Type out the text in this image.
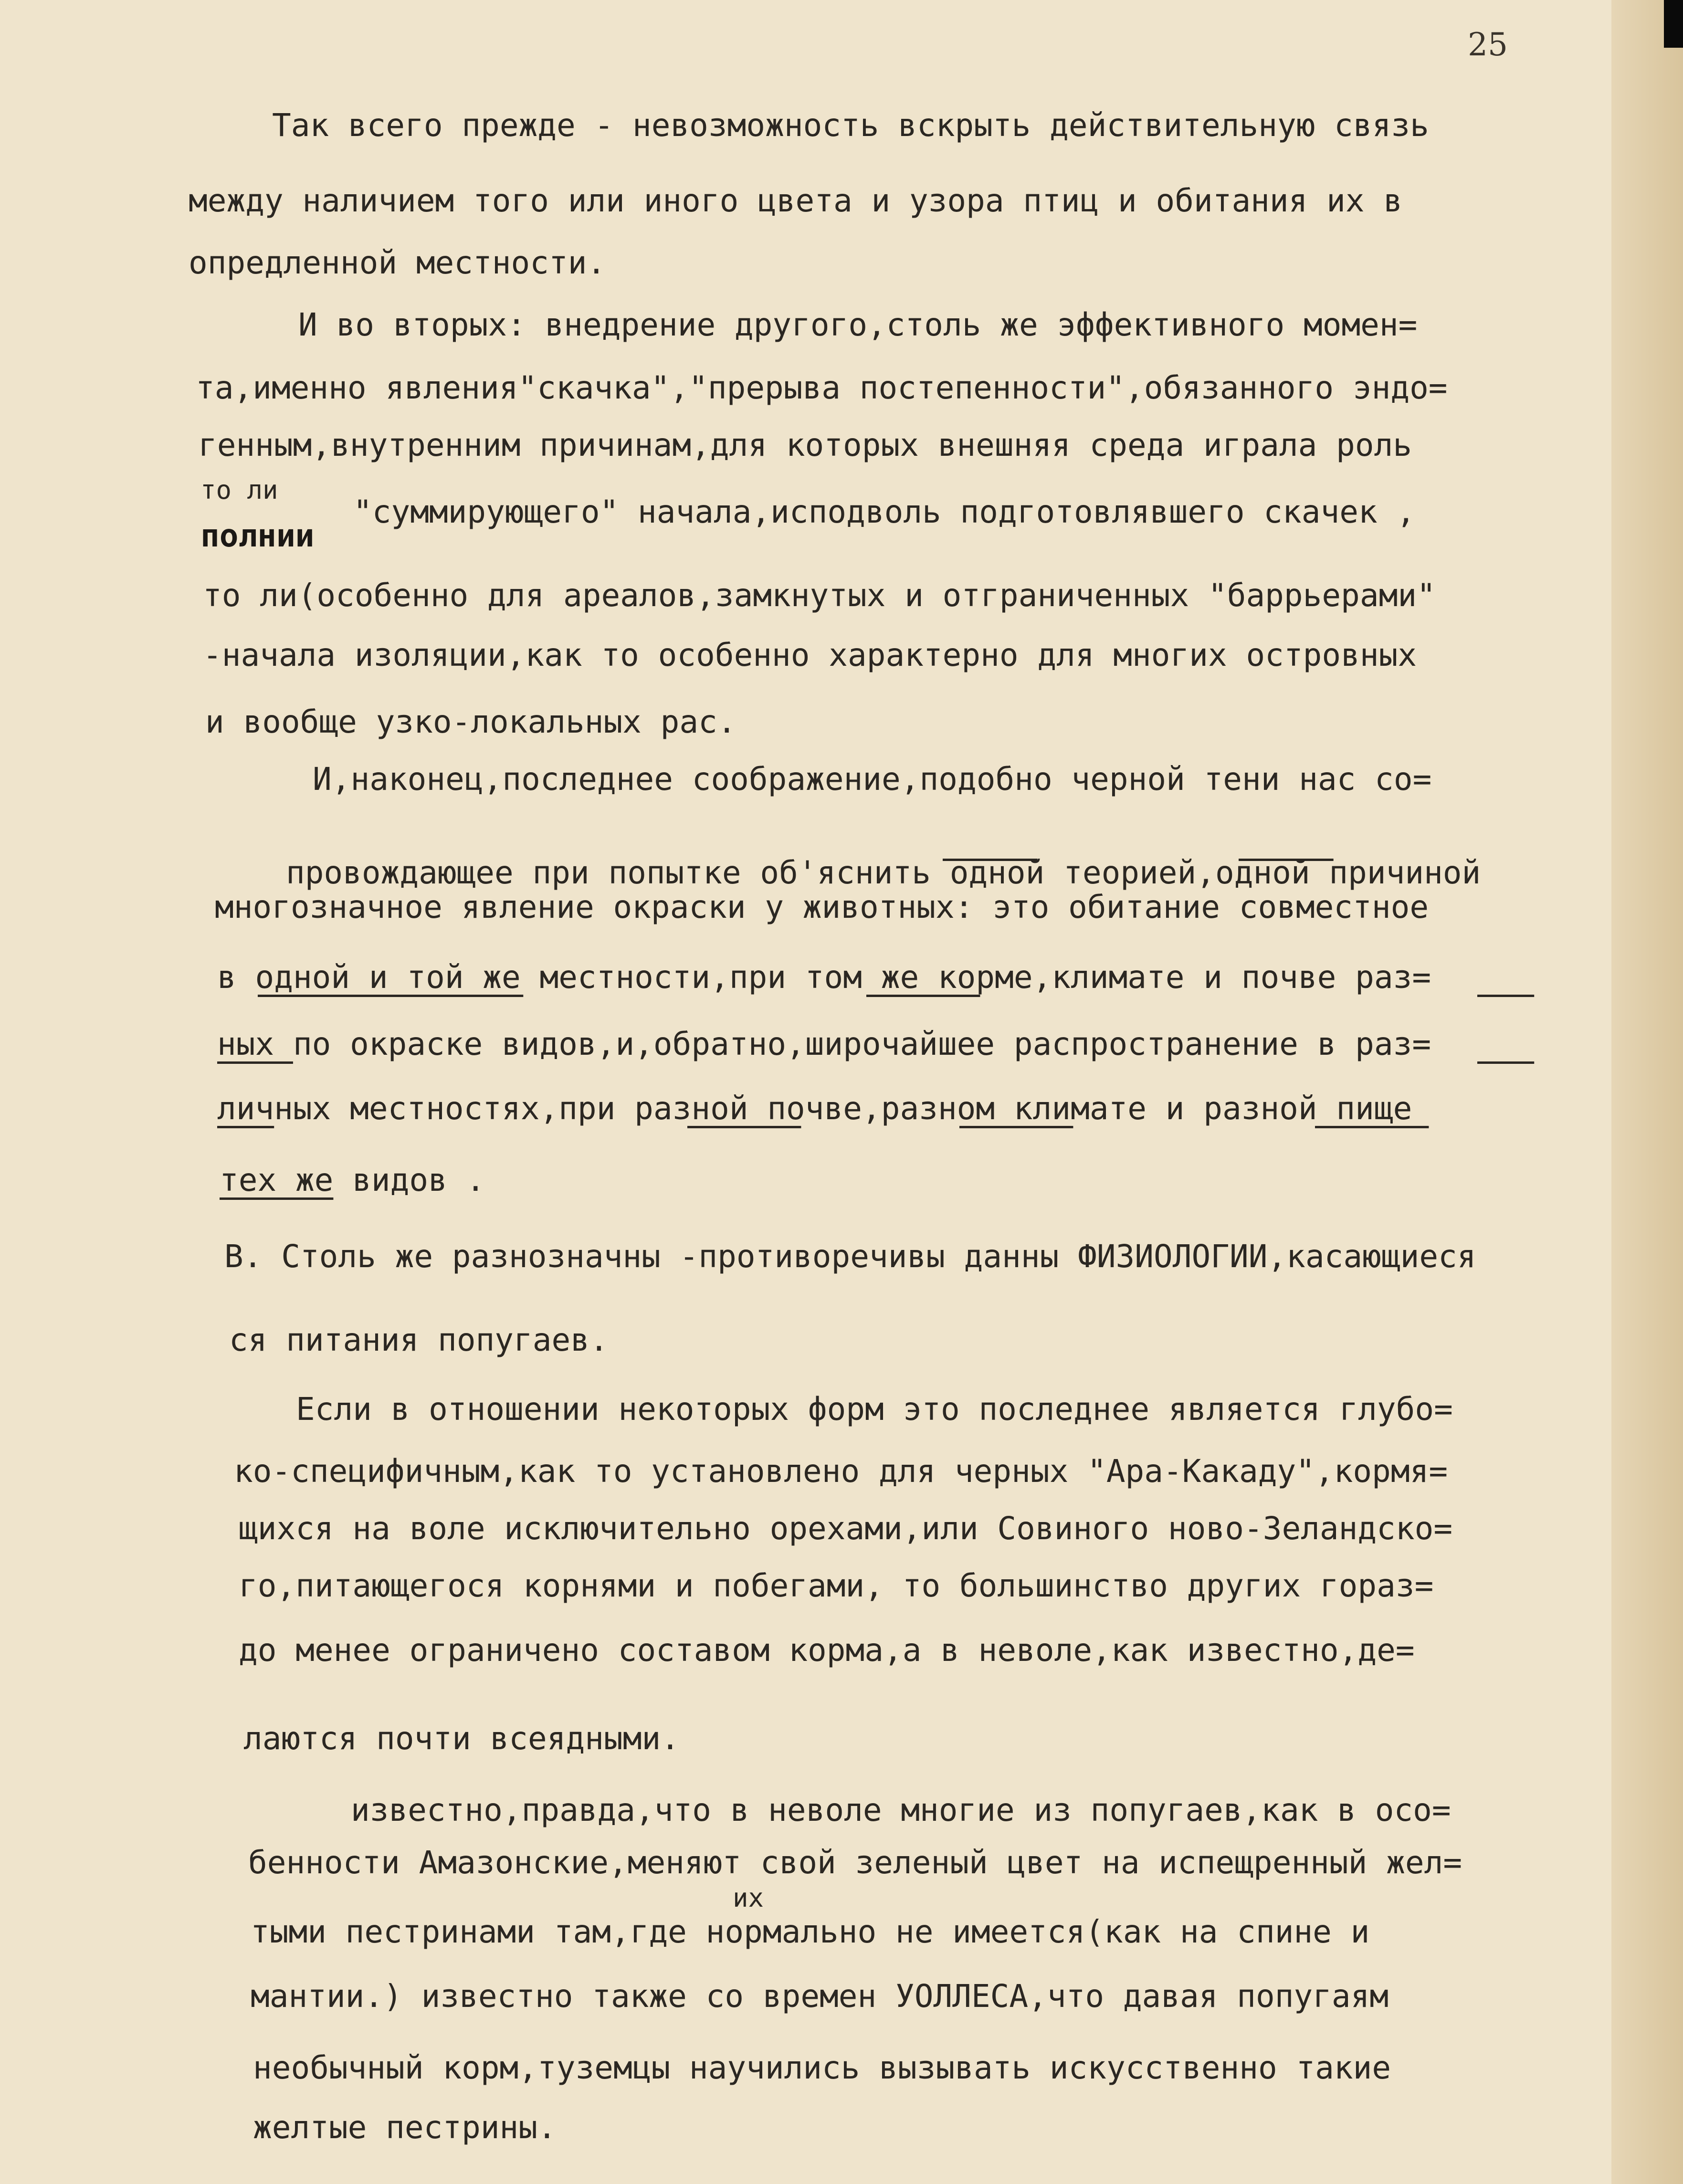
25

Так всего прежде - невозможность вскрыть действительную связь

между наличием того или иного цвета и узора птиц и обитания их в

опредленной местности.

И во вторых: внедрение другого,столь же эффективного момен=

та,именно явления"скачка","прерыва постепенности",обязанного эндо=

генным,внутренним причинам,для которых внешняя среда играла роль

то ли

полнии

"суммирующего" начала,исподволь подготовлявшего скачек ,

то ли(особенно для ареалов,замкнутых и отграниченных "баррьерами"

-начала изоляции,как то особенно характерно для многих островных

и вообще узко-локальных рас.

И,наконец,последнее соображение,подобно черной тени нас со=

провождающее при попытке об'яснить одной теорией,одной причиной

многозначное явление окраски у животных: это обитание совместное

в одной и той же местности,при том же корме,климате и почве раз=

ных по окраске видов,и,обратно,широчайшее распространение в раз=

личных местностях,при разной почве,разном климате и разной пище

тех же видов .

В. Столь же разнозначны -противоречивы данны ФИЗИОЛОГИИ,касающиеся

ся питания попугаев.

Если в отношении некоторых форм это последнее является глубо=

ко-специфичным,как то установлено для черных "Ара-Какаду",кормя=

щихся на воле исключительно орехами,или Совиного ново-Зеландско=

го,питающегося корнями и побегами, то большинство других горaз=

до менее ограничено составом корма,а в неволе,как известно,де=

лаются почти всеядными.

известно,правда,что в неволе многие из попугаев,как в осо=

бенности Амазонские,меняют свой зеленый цвет на испещренный жел=

их

тыми пестринами там,где нормально не имеется(как на спине и

мантии.) известно также со времен УОЛЛЕСА,что давая попугаям

необычный корм,туземцы научились вызывать искусственно такие

желтые пестрины.
